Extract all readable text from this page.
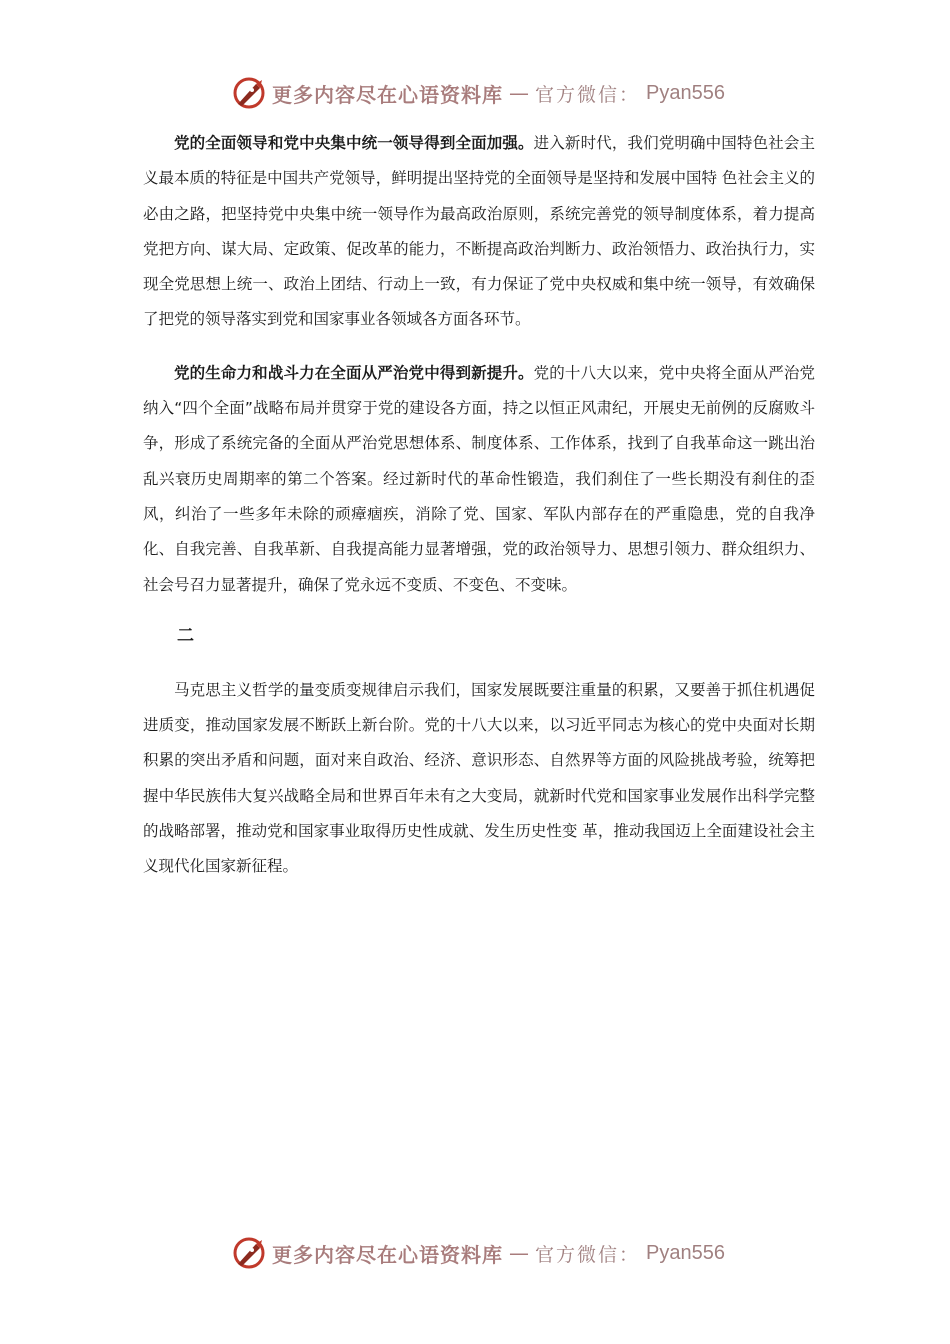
更多内容尽在心语资料库 — 官方微信： Pyan556

党的全面领导和党中央集中统一领导得到全面加强。进入新时代，我们党明确中国特色社会主义最本质的特征是中国共产党领导，鲜明提出坚持党的全面领导是坚持和发展中国特 色社会主义的必由之路，把坚持党中央集中统一领导作为最高政治原则，系统完善党的领导制度体系，着力提高党把方向、谋大局、定政策、促改革的能力，不断提高政治判断力、政治领悟力、政治执行力，实现全党思想上统一、政治上团结、行动上一致，有力保证了党中央权威和集中统一领导，有效确保了把党的领导落实到党和国家事业各领域各方面各环节。

党的生命力和战斗力在全面从严治党中得到新提升。党的十八大以来，党中央将全面从严治党纳入“四个全面”战略布局并贯穿于党的建设各方面，持之以恒正风肃纪，开展史无前例的反腐败斗争，形成了系统完备的全面从严治党思想体系、制度体系、工作体系，找到了自我革命这一跳出治乱兴衰历史周期率的第二个答案。经过新时代的革命性锻造，我们刹住了一些长期没有刹住的歪风，纠治了一些多年未除的顽瘴痼疾，消除了党、国家、军队内部存在的严重隐患，党的自我净化、自我完善、自我革新、自我提高能力显著增强，党的政治领导力、思想引领力、群众组织力、社会号召力显著提升，确保了党永远不变质、不变色、不变味。

二

马克思主义哲学的量变质变规律启示我们，国家发展既要注重量的积累，又要善于抓住机遇促进质变，推动国家发展不断跃上新台阶。党的十八大以来，以习近平同志为核心的党中央面对长期积累的突出矛盾和问题，面对来自政治、经济、意识形态、自然界等方面的风险挑战考验，统筹把握中华民族伟大复兴战略全局和世界百年未有之大变局，就新时代党和国家事业发展作出科学完整的战略部署，推动党和国家事业取得历史性成就、发生历史性变 革，推动我国迈上全面建设社会主义现代化国家新征程。

更多内容尽在心语资料库 — 官方微信： Pyan556
